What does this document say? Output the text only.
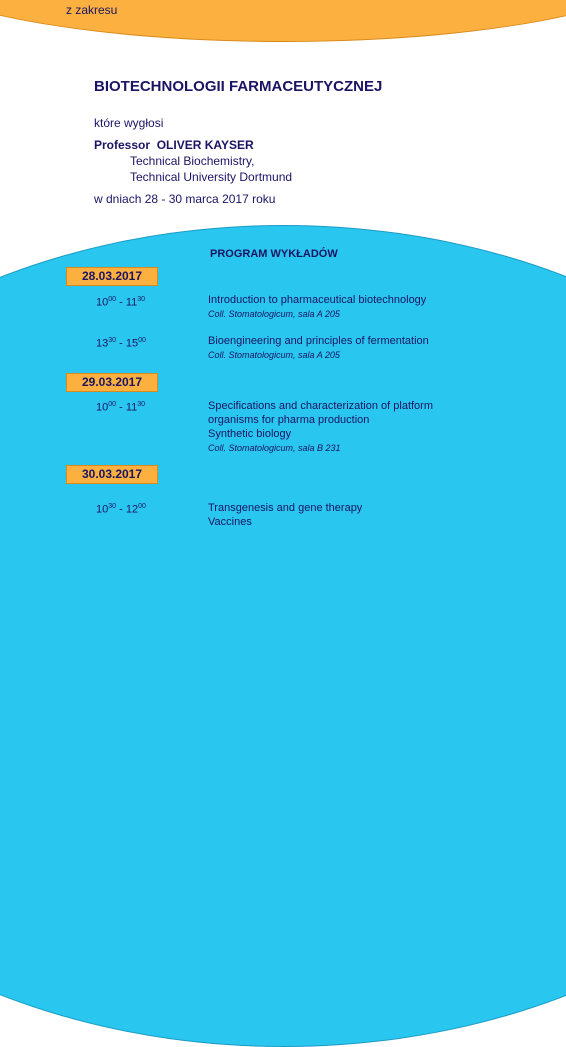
z zakresu
BIOTECHNOLOGII FARMACEUTYCZNEJ
które wygłosi
Professor OLIVER KAYSER
Technical Biochemistry,
Technical University Dortmund
w dniach 28 - 30 marca 2017 roku
PROGRAM WYKŁADÓW
28.03.2017
$10^{00} - 11^{30}$	Introduction to pharmaceutical biotechnology
Coll. Stomatologicum, sala A 205
$13^{30} - 15^{00}$	Bioengineering and principles of fermentation
Coll. Stomatologicum, sala A 205
29.03.2017
$10^{00} - 11^{30}$	Specifications and characterization of platform
organisms for pharma production
Synthetic biology
Coll. Stomatologicum, sala B 231
30.03.2017
$10^{30} - 12^{00}$	Transgenesis and gene therapy
Vaccines
